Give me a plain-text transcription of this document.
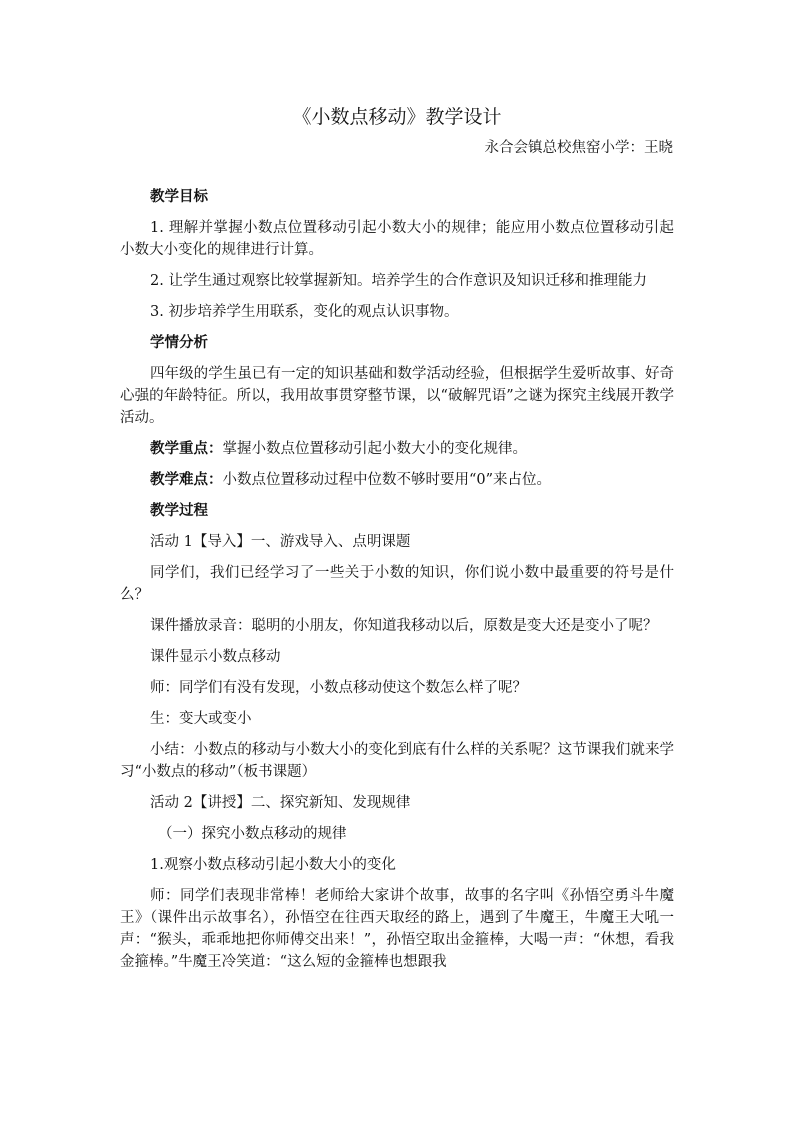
《小数点移动》教学设计
永合会镇总校焦窑小学：王晓

教学目标

1. 理解并掌握小数点位置移动引起小数大小的规律；能应用小数点位置移动引起小数大小变化的规律进行计算。

2. 让学生通过观察比较掌握新知。培养学生的合作意识及知识迁移和推理能力

3. 初步培养学生用联系，变化的观点认识事物。

学情分析

四年级的学生虽已有一定的知识基础和数学活动经验，但根据学生爱听故事、好奇心强的年龄特征。所以，我用故事贯穿整节课，以“破解咒语”之谜为探究主线展开教学活动。

教学重点：掌握小数点位置移动引起小数大小的变化规律。

教学难点：小数点位置移动过程中位数不够时要用“0”来占位。

教学过程

活动 1【导入】一、游戏导入、点明课题

同学们，我们已经学习了一些关于小数的知识，你们说小数中最重要的符号是什么？

课件播放录音：聪明的小朋友，你知道我移动以后，原数是变大还是变小了呢？

课件显示小数点移动

师：同学们有没有发现，小数点移动使这个数怎么样了呢？

生：变大或变小

小结：小数点的移动与小数大小的变化到底有什么样的关系呢？这节课我们就来学习“小数点的移动”（板书课题）

活动 2【讲授】二、探究新知、发现规律

（一）探究小数点移动的规律

1.观察小数点移动引起小数大小的变化

师：同学们表现非常棒！老师给大家讲个故事，故事的名字叫《孙悟空勇斗牛魔王》（课件出示故事名），孙悟空在往西天取经的路上，遇到了牛魔王，牛魔王大吼一声：“猴头，乖乖地把你师傅交出来！”，孙悟空取出金箍棒，大喝一声：“休想，看我金箍棒。”牛魔王冷笑道：“这么短的金箍棒也想跟我
